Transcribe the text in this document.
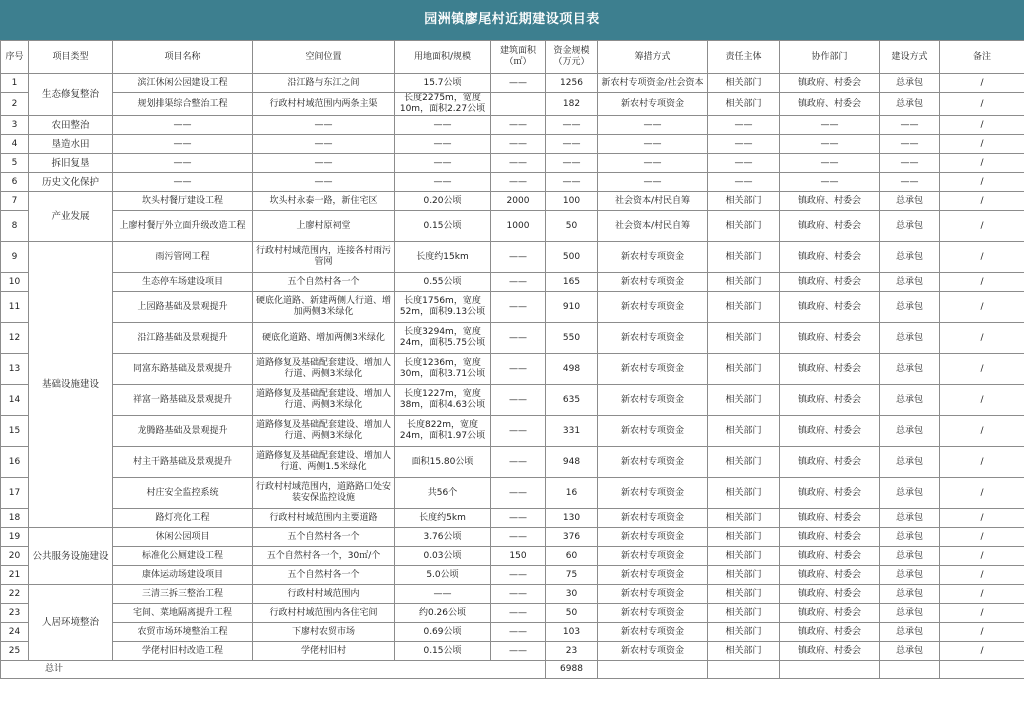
园洲镇廖尾村近期建设项目表
序号	项目类型	项目名称	空间位置	用地面积/规模	建筑面积（㎡）	资金规模（万元）	筹措方式	责任主体	协作部门	建设方式	备注
1	生态修复整治	滨江休闲公园建设工程	沿江路与东江之间	15.7公顷	——	1256	新农村专项资金/社会资本	相关部门	镇政府、村委会	总承包	/
2		规划排渠综合整治工程	行政村村域范围内两条主渠	长度2275m，宽度10m，面积2.27公顷		182	新农村专项资金	相关部门	镇政府、村委会	总承包	/
3	农田整治	——	——	——	——	——	——	——	——	——	/
4	垦造水田	——	——	——	——	——	——	——	——	——	/
5	拆旧复垦	——	——	——	——	——	——	——	——	——	/
6	历史文化保护	——	——	——	——	——	——	——	——	——	/
7	产业发展	坎头村餐厅建设工程	坎头村永泰一路，新住宅区	0.20公顷	2000	100	社会资本/村民自筹	相关部门	镇政府、村委会	总承包	/
8		上廖村餐厅外立面升级改造工程	上廖村原祠堂	0.15公顷	1000	50	社会资本/村民自筹	相关部门	镇政府、村委会	总承包	/
9	基础设施建设	雨污管网工程	行政村村域范围内，连接各村雨污管网	长度约15km	——	500	新农村专项资金	相关部门	镇政府、村委会	总承包	/
10		生态停车场建设项目	五个自然村各一个	0.55公顷	——	165	新农村专项资金	相关部门	镇政府、村委会	总承包	/
11		上园路基础及景观提升	硬底化道路、新建两侧人行道、增加两侧3米绿化	长度1756m，宽度52m，面积9.13公顷	——	910	新农村专项资金	相关部门	镇政府、村委会	总承包	/
12		沿江路基础及景观提升	硬底化道路、增加两侧3米绿化	长度3294m，宽度24m，面积5.75公顷	——	550	新农村专项资金	相关部门	镇政府、村委会	总承包	/
13		同富东路基础及景观提升	道路修复及基础配套建设、增加人行道、两侧3米绿化	长度1236m，宽度30m，面积3.71公顷	——	498	新农村专项资金	相关部门	镇政府、村委会	总承包	/
14		祥富一路基础及景观提升	道路修复及基础配套建设、增加人行道、两侧3米绿化	长度1227m，宽度38m，面积4.63公顷	——	635	新农村专项资金	相关部门	镇政府、村委会	总承包	/
15		龙腾路基础及景观提升	道路修复及基础配套建设、增加人行道、两侧3米绿化	长度822m，宽度24m，面积1.97公顷	——	331	新农村专项资金	相关部门	镇政府、村委会	总承包	/
16		村主干路基础及景观提升	道路修复及基础配套建设、增加人行道、两侧1.5米绿化	面积15.80公顷	——	948	新农村专项资金	相关部门	镇政府、村委会	总承包	/
17		村庄安全监控系统	行政村村域范围内，道路路口处安装安保监控设施	共56个	——	16	新农村专项资金	相关部门	镇政府、村委会	总承包	/
18		路灯亮化工程	行政村村域范围内主要道路	长度约5km	——	130	新农村专项资金	相关部门	镇政府、村委会	总承包	/
19	公共服务设施建设	休闲公园项目	五个自然村各一个	3.76公顷	——	376	新农村专项资金	相关部门	镇政府、村委会	总承包	/
20		标准化公厕建设工程	五个自然村各一个，30㎡/个	0.03公顷	150	60	新农村专项资金	相关部门	镇政府、村委会	总承包	/
21		康体运动场建设项目	五个自然村各一个	5.0公顷	——	75	新农村专项资金	相关部门	镇政府、村委会	总承包	/
22	人居环境整治	三清三拆三整治工程	行政村村域范围内	——	——	30	新农村专项资金	相关部门	镇政府、村委会	总承包	/
23		宅间、菜地隔离提升工程	行政村村域范围内各住宅间	约0.26公顷	——	50	新农村专项资金	相关部门	镇政府、村委会	总承包	/
24		农贸市场环境整治工程	下廖村农贸市场	0.69公顷	——	103	新农村专项资金	相关部门	镇政府、村委会	总承包	/
25		学佬村旧村改造工程	学佬村旧村	0.15公顷	——	23	新农村专项资金	相关部门	镇政府、村委会	总承包	/
总计						6988					
